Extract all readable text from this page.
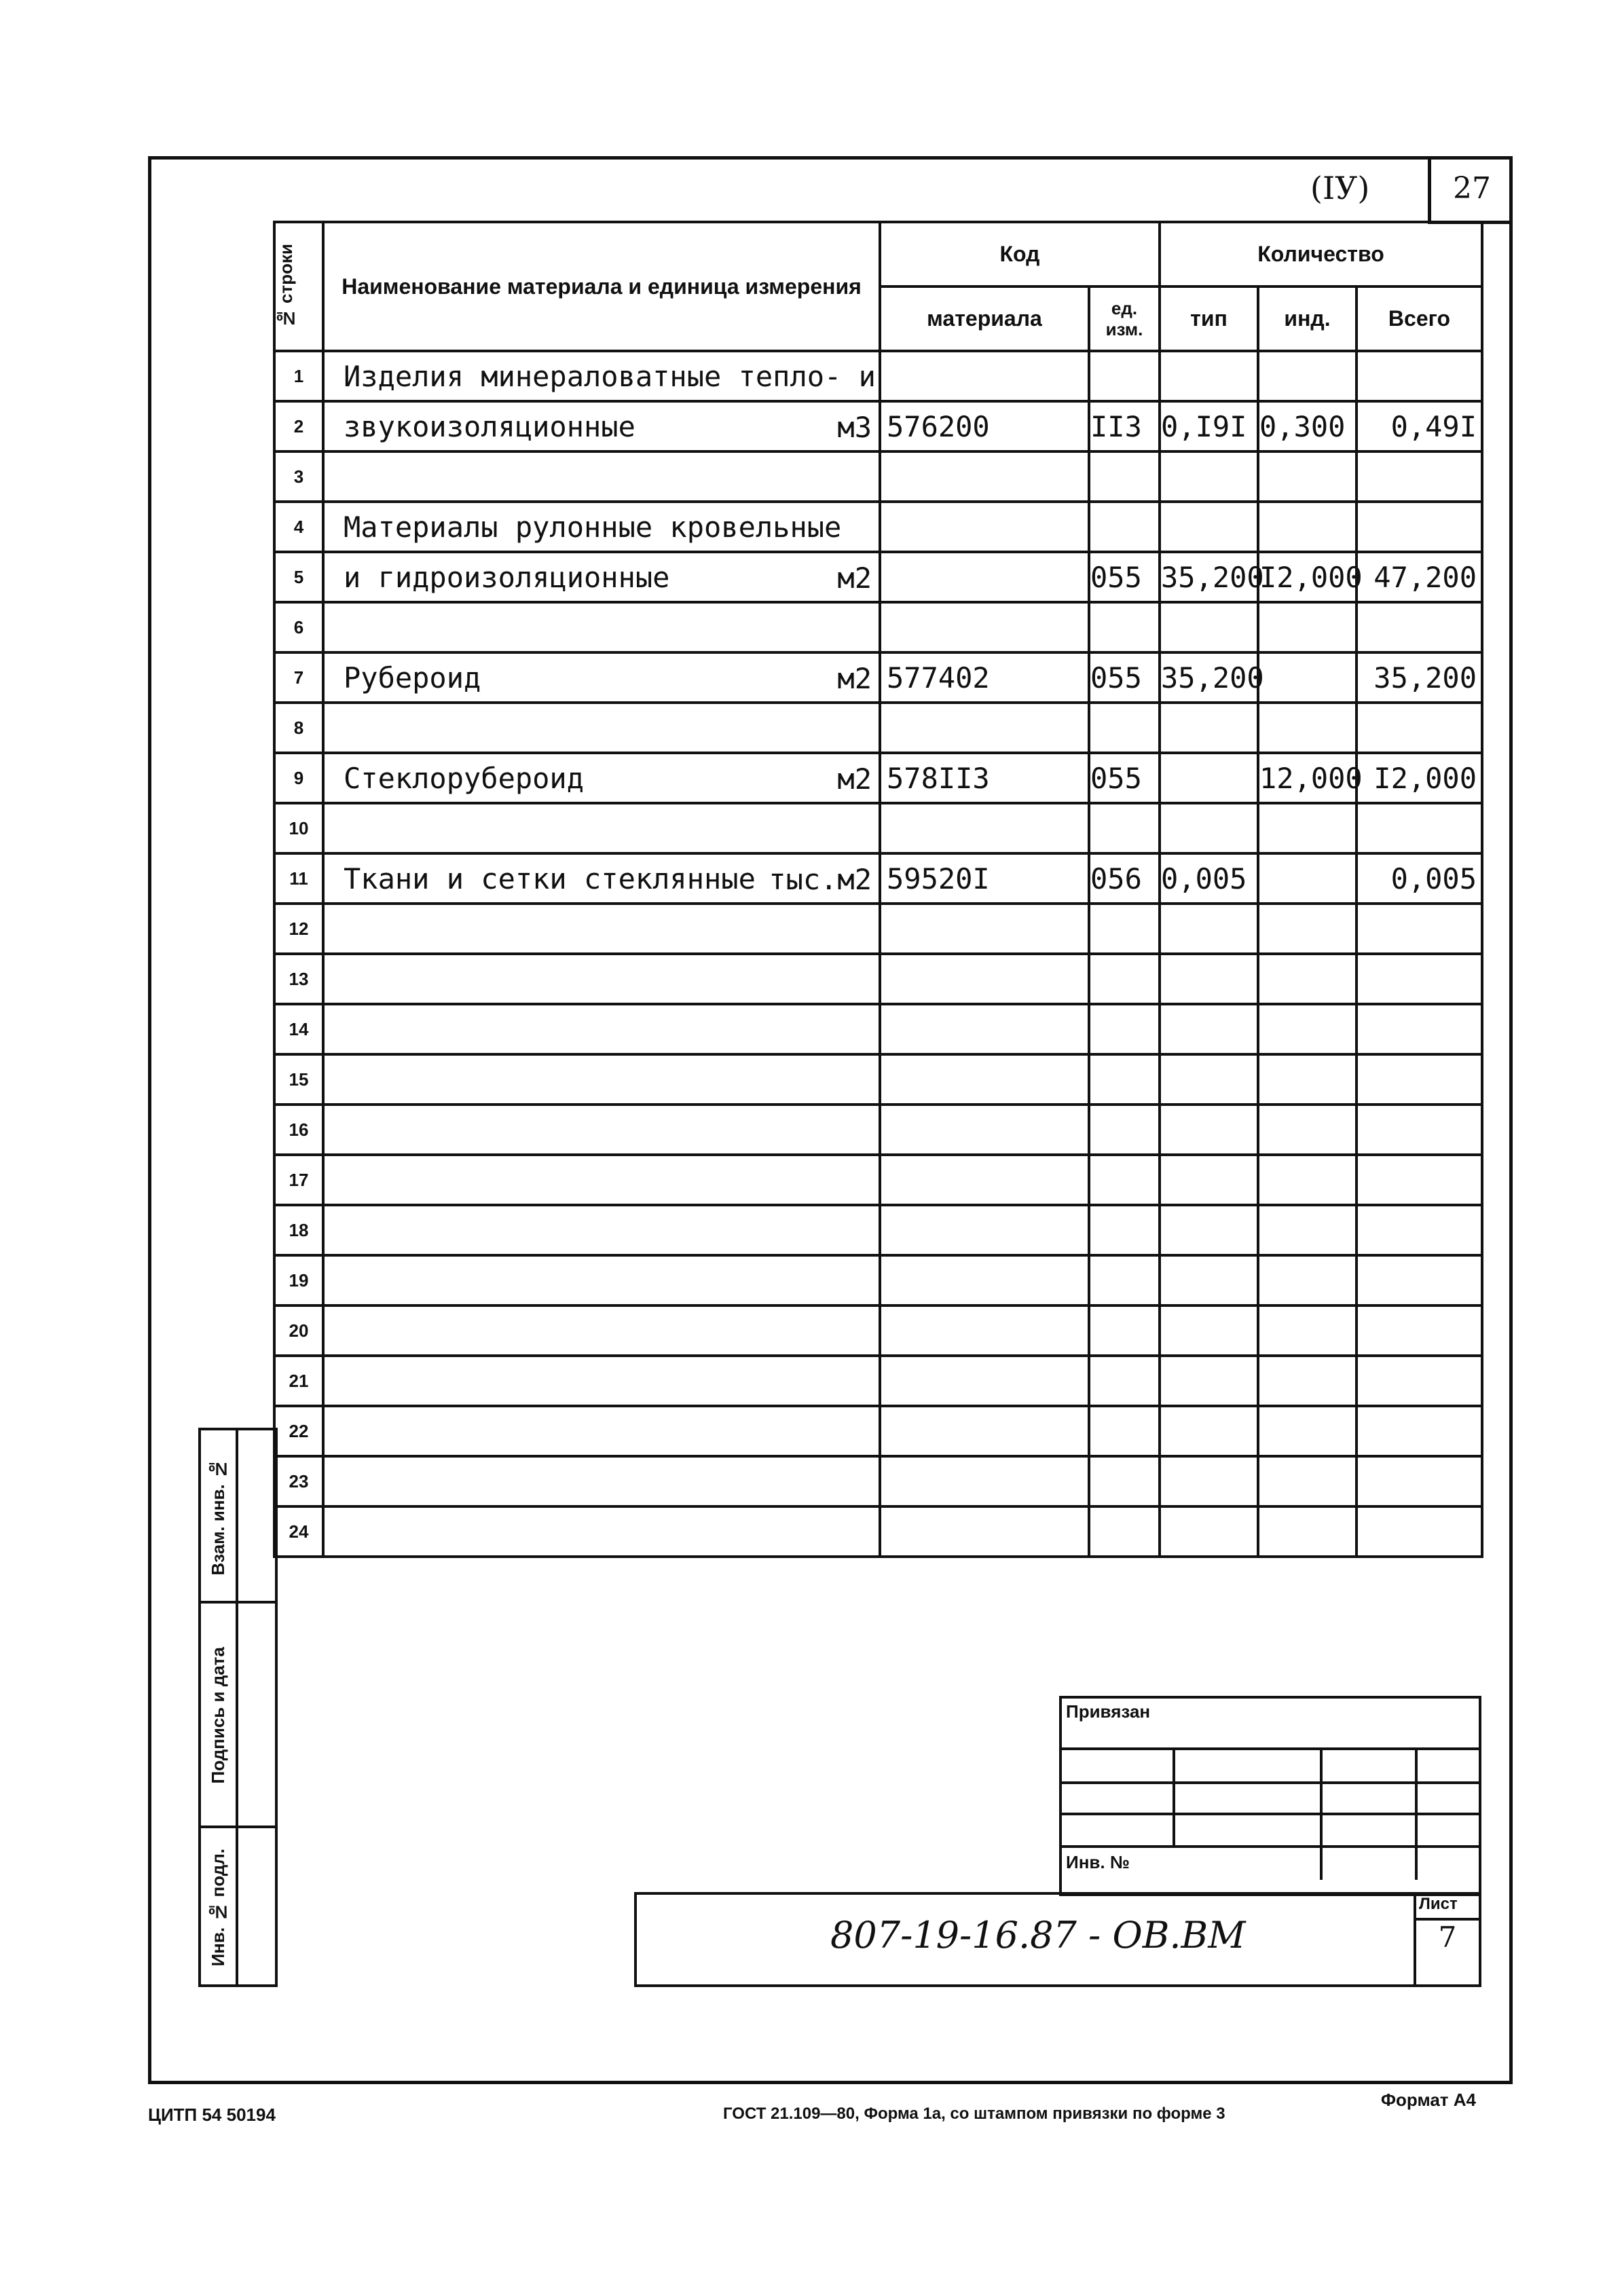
(IУ)	27
№ строки	Наименование материала и единица измерения	Код		Количество		
		материала	ед. изм.	тип	инд.	Всего
1	Изделия минераловатные тепло- и

2	звукоизоляционные м3	576200	II3	0,I9I	0,300	0,49I
3	

4	Материалы рулонные кровельные

5	и гидроизоляционные м2		055	35,200	I2,000	47,200
6	

7	Рубероид м2	577402	055	35,200		35,200
8	

9	Стеклорубероид м2	578II3	055		12,000	I2,000
10	

11	Ткани и сетки стеклянные тыс.м2	59520I	056	0,005		0,005
12	

13	

14	

15	

16	

17	

18	

19	

20	

21	

22	

23	

24	

Взам. инв. №
Подпись и дата
Инв. № подл.
Привязан
Инв. №
807-19-16.87 - ОВ.ВМ
Лист
7
Формат А4
ЦИТП 54 50194	ГОСТ 21.109—80, Форма 1а, со штампом привязки по форме 3
